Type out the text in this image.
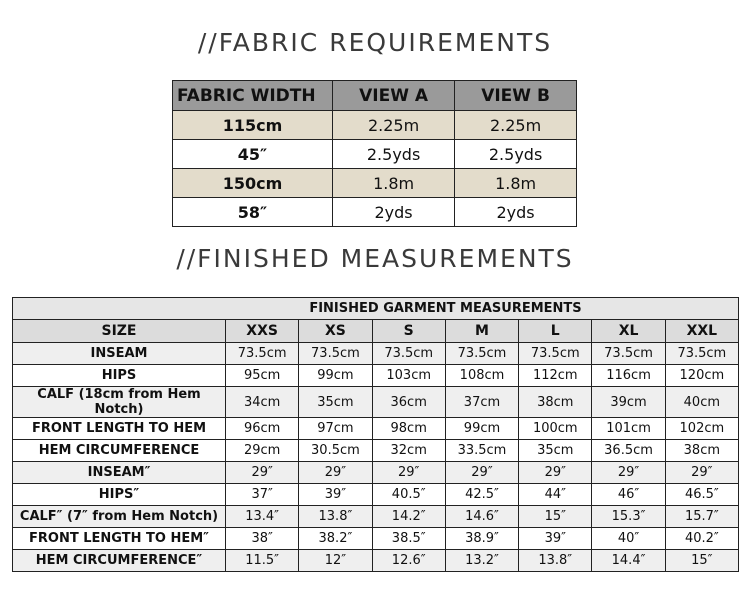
//FABRIC REQUIREMENTS
FABRIC WIDTH	VIEW A	VIEW B
115cm	2.25m	2.25m
45″	2.5yds	2.5yds
150cm	1.8m	1.8m
58″	2yds	2yds
//FINISHED MEASUREMENTS
FINISHED GARMENT MEASUREMENTS							
SIZE	XXS	XS	S	M	L	XL	XXL
INSEAM	73.5cm	73.5cm	73.5cm	73.5cm	73.5cm	73.5cm	73.5cm
HIPS	95cm	99cm	103cm	108cm	112cm	116cm	120cm
CALF (18cm from Hem Notch)	34cm	35cm	36cm	37cm	38cm	39cm	40cm
FRONT LENGTH TO HEM	96cm	97cm	98cm	99cm	100cm	101cm	102cm
HEM CIRCUMFERENCE	29cm	30.5cm	32cm	33.5cm	35cm	36.5cm	38cm
INSEAM″	29″	29″	29″	29″	29″	29″	29″
HIPS″	37″	39″	40.5″	42.5″	44″	46″	46.5″
CALF″ (7″ from Hem Notch)	13.4″	13.8″	14.2″	14.6″	15″	15.3″	15.7″
FRONT LENGTH TO HEM″	38″	38.2″	38.5″	38.9″	39″	40″	40.2″
HEM CIRCUMFERENCE″	11.5″	12″	12.6″	13.2″	13.8″	14.4″	15″
